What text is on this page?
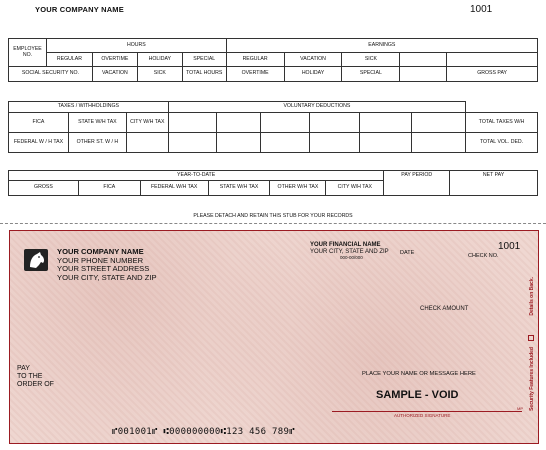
YOUR COMPANY NAME	1001
EMPLOYEE NO.	HOURS				EARNINGS				
	REGULAR	OVERTIME	HOLIDAY	SPECIAL	REGULAR	VACATION	SICK		
SOCIAL SECURITY NO.		VACATION	SICK	TOTAL HOURS	OVERTIME	HOLIDAY	SPECIAL		GROSS PAY
TAXES / WITHHOLDINGS			VOLUNTARY DEDUCTIONS						
FICA	STATE W/H TAX	CITY W/H TAX							TOTAL TAXES W/H
FEDERAL W / H TAX	OTHER ST. W / H								TOTAL VOL. DED.
YEAR-TO-DATE						PAY PERIOD	NET PAY
GROSS	FICA	FEDERAL W/H TAX	STATE W/H TAX	OTHER W/H TAX	CITY W/H TAX		
PLEASE DETACH AND RETAIN THIS STUB FOR YOUR RECORDS
YOUR COMPANY NAME
YOUR PHONE NUMBER
YOUR STREET ADDRESS
YOUR CITY, STATE AND ZIP
YOUR FINANCIAL NAME
YOUR CITY, STATE AND ZIP
000-00/000
DATE
1001
CHECK NO.
CHECK AMOUNT
PAY
TO THE
ORDER OF
PLACE YOUR NAME OR MESSAGE HERE
SAMPLE - VOID
MP
AUTHORIZED SIGNATURE
⑈001001⑈ ⑆000000000⑆123 456 789⑈
Details on Back.
Security Features Included
